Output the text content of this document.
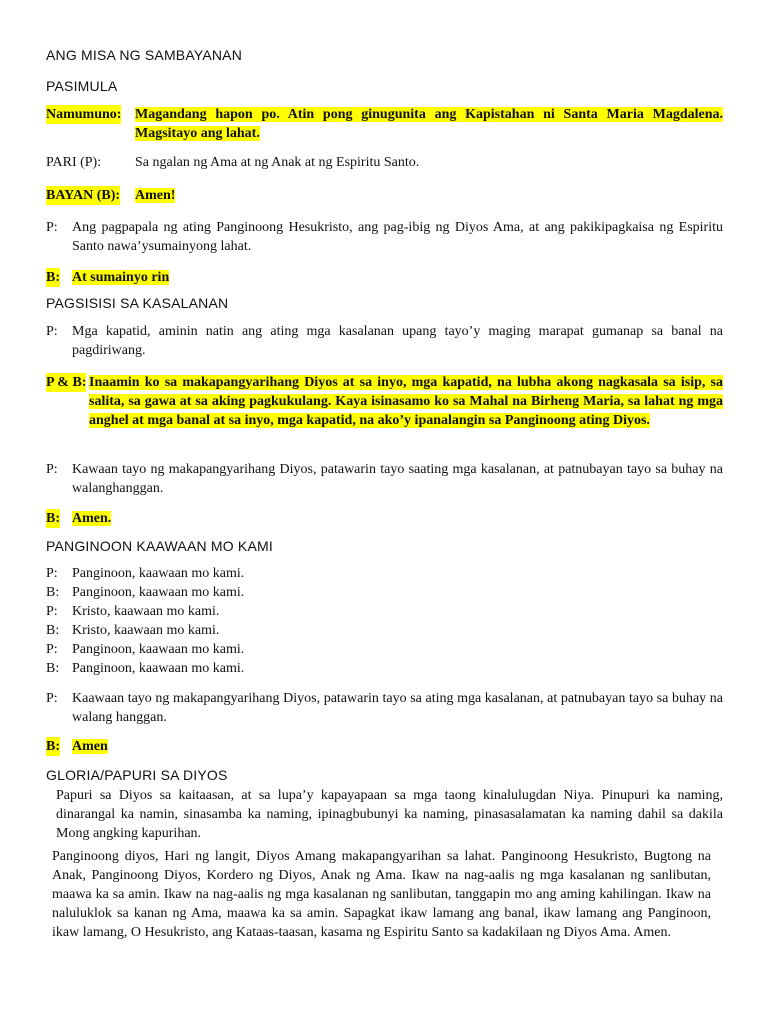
ANG MISA NG SAMBAYANAN
PASIMULA
Namumuno: Magandang hapon po. Atin pong ginugunita ang Kapistahan ni Santa Maria Magdalena. Magsitayo ang lahat.
PARI (P): Sa ngalan ng Ama at ng Anak at ng Espiritu Santo.
BAYAN (B): Amen!
P: Ang pagpapala ng ating Panginoong Hesukristo, ang pag-ibig ng Diyos Ama, at ang pakikipagkaisa ng Espiritu Santo nawa’ysumainyong lahat.
B: At sumainyo rin
PAGSISISI SA KASALANAN
P: Mga kapatid, aminin natin ang ating mga kasalanan upang tayo’y maging marapat gumanap sa banal na pagdiriwang.
P & B: Inaamin ko sa makapangyarihang Diyos at sa inyo, mga kapatid, na lubha akong nagkasala sa isip, sa salita, sa gawa at sa aking pagkukulang. Kaya isinasamo ko sa Mahal na Birheng Maria, sa lahat ng mga anghel at mga banal at sa inyo, mga kapatid, na ako’y ipanalangin sa Panginoong ating Diyos.
P: Kawaan tayo ng makapangyarihang Diyos, patawarin tayo saating mga kasalanan, at patnubayan tayo sa buhay na walanghanggan.
B: Amen.
PANGINOON KAAWAAN MO KAMI
P: Panginoon, kaawaan mo kami.
B: Panginoon, kaawaan mo kami.
P: Kristo, kaawaan mo kami.
B: Kristo, kaawaan mo kami.
P: Panginoon, kaawaan mo kami.
B: Panginoon, kaawaan mo kami.
P: Kaawaan tayo ng makapangyarihang Diyos, patawarin tayo sa ating mga kasalanan, at patnubayan tayo sa buhay na walang hanggan.
B: Amen
GLORIA/PAPURI SA DIYOS
Papuri sa Diyos sa kaitaasan, at sa lupa’y kapayapaan sa mga taong kinalulugdan Niya. Pinupuri ka naming, dinarangal ka namin, sinasamba ka naming, ipinagbubunyi ka naming, pinasasalamatan ka naming dahil sa dakila Mong angking kapurihan.
Panginoong diyos, Hari ng langit, Diyos Amang makapangyarihan sa lahat. Panginoong Hesukristo, Bugtong na Anak, Panginoong Diyos, Kordero ng Diyos, Anak ng Ama. Ikaw na nag-aalis ng mga kasalanan ng sanlibutan, maawa ka sa amin. Ikaw na nag-aalis ng mga kasalanan ng sanlibutan, tanggapin mo ang aming kahilingan. Ikaw na naluluklok sa kanan ng Ama, maawa ka sa amin. Sapagkat ikaw lamang ang banal, ikaw lamang ang Panginoon, ikaw lamang, O Hesukristo, ang Kataas-taasan, kasama ng Espiritu Santo sa kadakilaan ng Diyos Ama. Amen.
